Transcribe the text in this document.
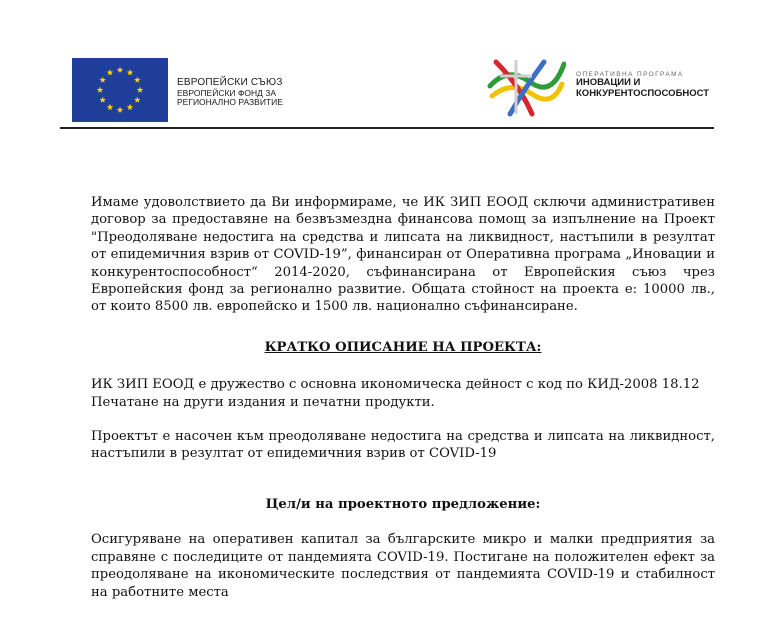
ЕВРОПЕЙСКИ СЪЮЗ
ЕВРОПЕЙСКИ ФОНД ЗА
РЕГИОНАЛНО РАЗВИТИЕ
ОПЕРАТИВНА ПРОГРАМА
ИНОВАЦИИ И
КОНКУРЕНТОСПОСОБНОСТ

Имаме удоволствието да Ви информираме, че ИК ЗИП ЕООД сключи административен договор за предоставяне на безвъзмездна финансова помощ за изпълнение на Проект "Преодоляване недостига на средства и липсата на ликвидност, настъпили в резултат от епидемичния взрив от COVID-19”, финансиран от Оперативна програма „Иновации и конкурентоспособност“ 2014-2020, съфинансирана от Европейския съюз чрез Европейския фонд за регионално развитие. Общата стойност на проекта е: 10000 лв., от които 8500 лв. европейско и 1500 лв. национално съфинансиране.

КРАТКО ОПИСАНИЕ НА ПРОЕКТА:

ИК ЗИП ЕООД е дружество с основна икономическа дейност с код по КИД-2008 18.12

Печатане на други издания и печатни продукти.

Проектът е насочен към преодоляване недостига на средства и липсата на ликвидност, настъпили в резултат от епидемичния взрив от COVID-19

Цел/и на проектното предложение:

Осигуряване на оперативен капитал за българските микро и малки предприятия за справяне с последиците от пандемията COVID-19. Постигане на положителен ефект за преодоляване на икономическите последствия от пандемията COVID-19 и стабилност на работните места
